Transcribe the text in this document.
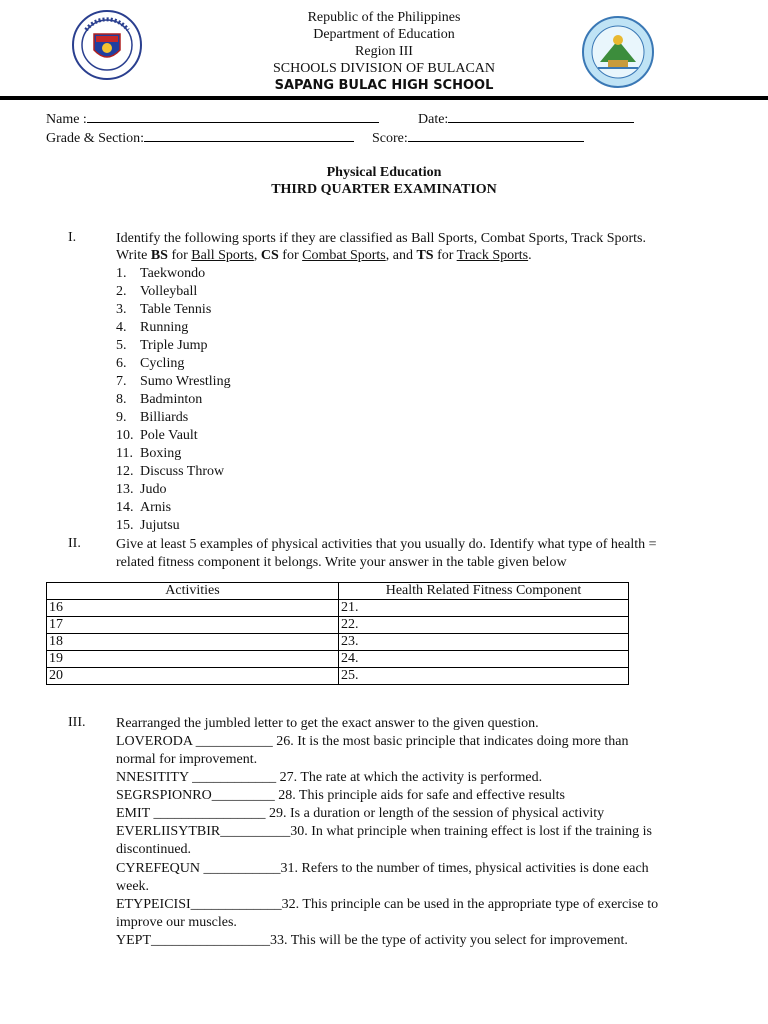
Republic of the Philippines
Department of Education
Region III
SCHOOLS DIVISION OF BULACAN
SAPANG BULAC HIGH SCHOOL
Name :	Date:
Grade & Section:	Score:
Physical Education
THIRD QUARTER EXAMINATION
I.	Identify the following sports if they are classified as Ball Sports, Combat Sports, Track Sports.
Write BS for Ball Sports, CS for Combat Sports, and TS for Track Sports.
1. Taekwondo
2. Volleyball
3. Table Tennis
4. Running
5. Triple Jump
6. Cycling
7. Sumo Wrestling
8. Badminton
9. Billiards
10. Pole Vault
11. Boxing
12. Discuss Throw
13. Judo
14. Arnis
15. Jujutsu
II.	Give at least 5 examples of physical activities that you usually do. Identify what type of health =
related fitness component it belongs. Write your answer in the table given below
Activities	Health Related Fitness Component
16	21.
17	22.
18	23.
19	24.
20	25.
III. Rearranged the jumbled letter to get the exact answer to the given question.
LOVERODA ___________ 26. It is the most basic principle that indicates doing more than
normal for improvement.
NNESITITY ____________ 27. The rate at which the activity is performed.
SEGRSPIONRO_________ 28. This principle aids for safe and effective results
EMIT ________________ 29. Is a duration or length of the session of physical activity
EVERLIISYTBIR__________30. In what principle when training effect is lost if the training is
discontinued.
CYREFEQUN ___________31. Refers to the number of times, physical activities is done each
week.
ETYPEICISI_____________32. This principle can be used in the appropriate type of exercise to
improve our muscles.
YEPT_________________33. This will be the type of activity you select for improvement.
